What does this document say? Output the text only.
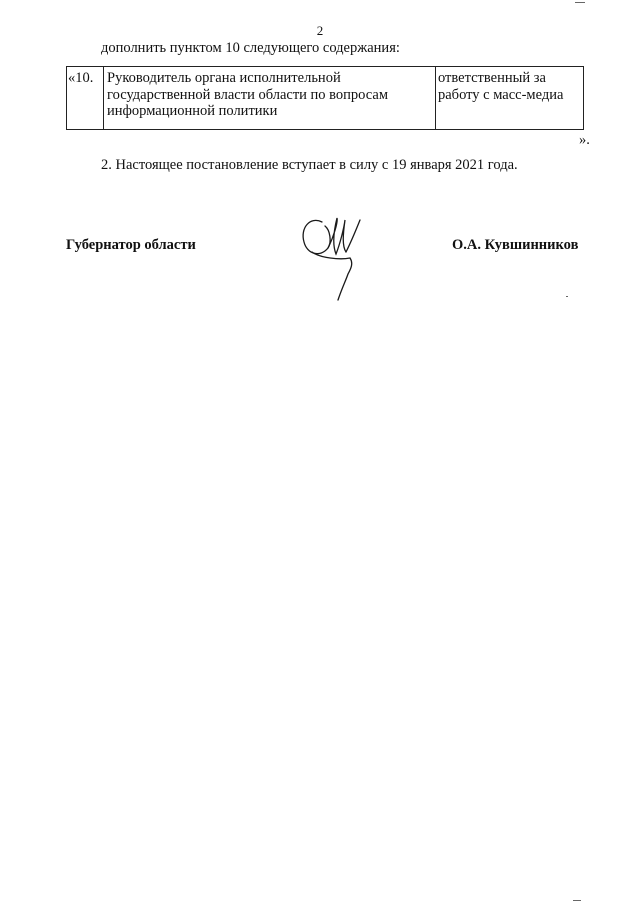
2
дополнить пунктом 10 следующего содержания:
«10.	Руководитель органа исполнительной государственной власти области по вопросам информационной политики	ответственный за работу с масс-медиа
».
2. Настоящее постановление вступает в силу с 19 января 2021 года.
Губернатор области	О.А. Кувшинников
